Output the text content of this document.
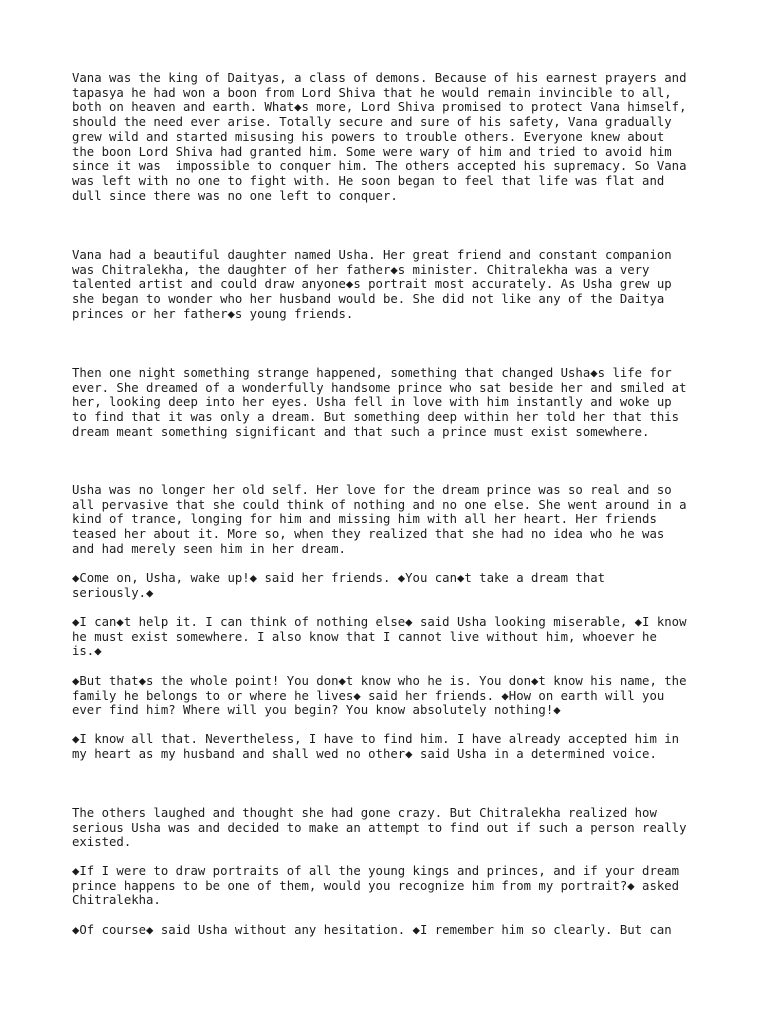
Vana was the king of Daityas, a class of demons. Because of his earnest prayers and
tapasya he had won a boon from Lord Shiva that he would remain invincible to all,
both on heaven and earth. What◆s more, Lord Shiva promised to protect Vana himself,
should the need ever arise. Totally secure and sure of his safety, Vana gradually
grew wild and started misusing his powers to trouble others. Everyone knew about
the boon Lord Shiva had granted him. Some were wary of him and tried to avoid him
since it was  impossible to conquer him. The others accepted his supremacy. So Vana
was left with no one to fight with. He soon began to feel that life was flat and
dull since there was no one left to conquer.

Vana had a beautiful daughter named Usha. Her great friend and constant companion
was Chitralekha, the daughter of her father◆s minister. Chitralekha was a very
talented artist and could draw anyone◆s portrait most accurately. As Usha grew up
she began to wonder who her husband would be. She did not like any of the Daitya
princes or her father◆s young friends.

Then one night something strange happened, something that changed Usha◆s life for
ever. She dreamed of a wonderfully handsome prince who sat beside her and smiled at
her, looking deep into her eyes. Usha fell in love with him instantly and woke up
to find that it was only a dream. But something deep within her told her that this
dream meant something significant and that such a prince must exist somewhere.

Usha was no longer her old self. Her love for the dream prince was so real and so
all pervasive that she could think of nothing and no one else. She went around in a
kind of trance, longing for him and missing him with all her heart. Her friends
teased her about it. More so, when they realized that she had no idea who he was
and had merely seen him in her dream.

◆Come on, Usha, wake up!◆ said her friends. ◆You can◆t take a dream that
seriously.◆

◆I can◆t help it. I can think of nothing else◆ said Usha looking miserable, ◆I know
he must exist somewhere. I also know that I cannot live without him, whoever he
is.◆

◆But that◆s the whole point! You don◆t know who he is. You don◆t know his name, the
family he belongs to or where he lives◆ said her friends. ◆How on earth will you
ever find him? Where will you begin? You know absolutely nothing!◆

◆I know all that. Nevertheless, I have to find him. I have already accepted him in
my heart as my husband and shall wed no other◆ said Usha in a determined voice.

The others laughed and thought she had gone crazy. But Chitralekha realized how
serious Usha was and decided to make an attempt to find out if such a person really
existed.

◆If I were to draw portraits of all the young kings and princes, and if your dream
prince happens to be one of them, would you recognize him from my portrait?◆ asked
Chitralekha.

◆Of course◆ said Usha without any hesitation. ◆I remember him so clearly. But can
